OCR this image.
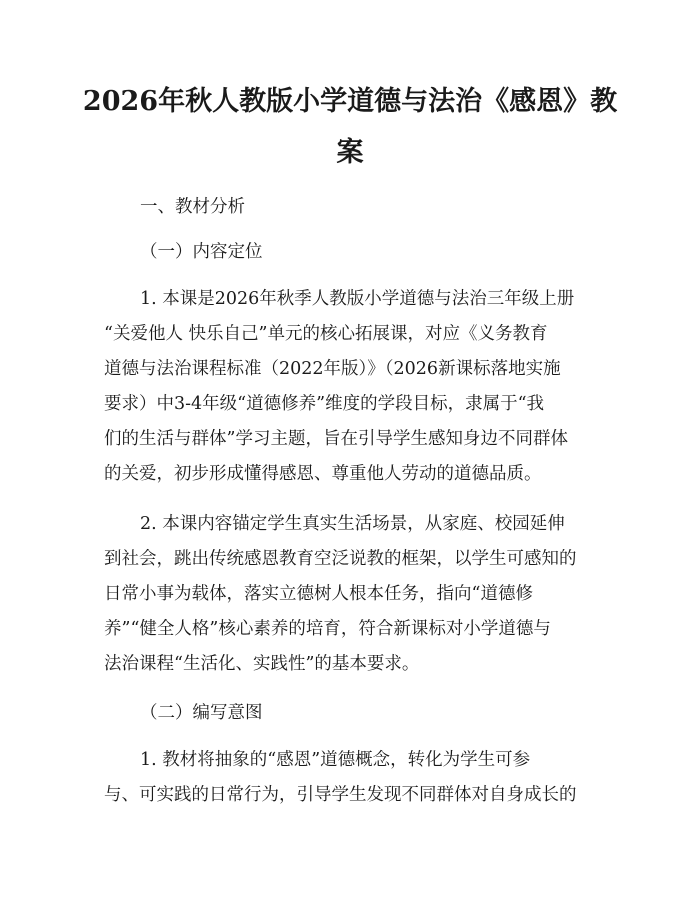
2026年秋人教版小学道德与法治《感恩》教
案

一、教材分析

（一）内容定位

1. 本课是2026年秋季人教版小学道德与法治三年级上册

“关爱他人 快乐自己”单元的核心拓展课，对应《义务教育

道德与法治课程标准（2022年版）》（2026新课标落地实施

要求）中3-4年级“道德修养”维度的学段目标，隶属于“我

们的生活与群体”学习主题，旨在引导学生感知身边不同群体

的关爱，初步形成懂得感恩、尊重他人劳动的道德品质。

2. 本课内容锚定学生真实生活场景，从家庭、校园延伸

到社会，跳出传统感恩教育空泛说教的框架，以学生可感知的

日常小事为载体，落实立德树人根本任务，指向“道德修

养”“健全人格”核心素养的培育，符合新课标对小学道德与

法治课程“生活化、实践性”的基本要求。

（二）编写意图

1. 教材将抽象的“感恩”道德概念，转化为学生可参

与、可实践的日常行为，引导学生发现不同群体对自身成长的
